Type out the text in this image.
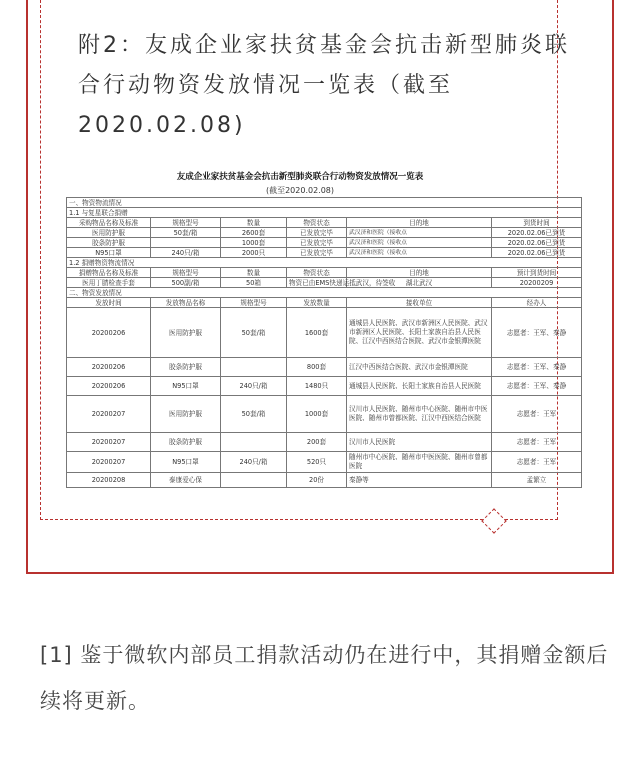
附2：友成企业家扶贫基金会抗击新型肺炎联
合行动物资发放情况一览表（截至
2020.02.08)
友成企业家扶贫基金会抗击新型肺炎联合行动物资发放情况一览表
(截至2020.02.08)
一、物资物流情况					
1.1 与复星联合捐赠					
采购物品名称及标准	规格型号	数量	物资状态	目的地	到货时间
医用防护服	50套/箱	2600套	已发放完毕	武汉济和医院（接收点	2020.02.06已到货
胶条防护服		1000套	已发放完毕	武汉济和医院（接收点	2020.02.06已到货
N95口罩	240只/箱	2000只	已发放完毕	武汉济和医院（接收点	2020.02.06已到货
1.2 捐赠物资物流情况					
捐赠物品名称及标准	规格型号	数量	物资状态	目的地	预计到货时间
医用丁腈检查手套	500副/箱	50箱	物资已由EMS快递运抵武汉，待签收	湖北武汉	20200209
二、物资发放情况					
发放时间	发放物品名称	规格型号	发放数量	接收单位	经办人
20200206	医用防护服	50套/箱	1600套	通城县人民医院、武汉市新洲区人民医院、武汉市新洲区人民医院、长阳土家族自治县人民医院、江汉中西医结合医院、武汉市金银潭医院	志愿者：王军、秦静
20200206	胶条防护服		800套	江汉中西医结合医院、武汉市金银潭医院	志愿者：王军、秦静
20200206	N95口罩	240只/箱	1480只	通城县人民医院、长阳土家族自治县人民医院	志愿者：王军、秦静
20200207	医用防护服	50套/箱	1000套	汉川市人民医院、随州市中心医院、随州市中医医院、随州市曾都医院、江汉中西医结合医院	志愿者：王军
20200207	胶条防护服		200套	汉川市人民医院	志愿者：王军
20200207	N95口罩	240只/箱	520只	随州市中心医院、随州市中医医院、随州市曾都医院	志愿者：王军
20200208	泰康爱心保		20份	秦静等	孟繁立
[1] 鉴于微软内部员工捐款活动仍在进行中，其捐赠金额后续将更新。
